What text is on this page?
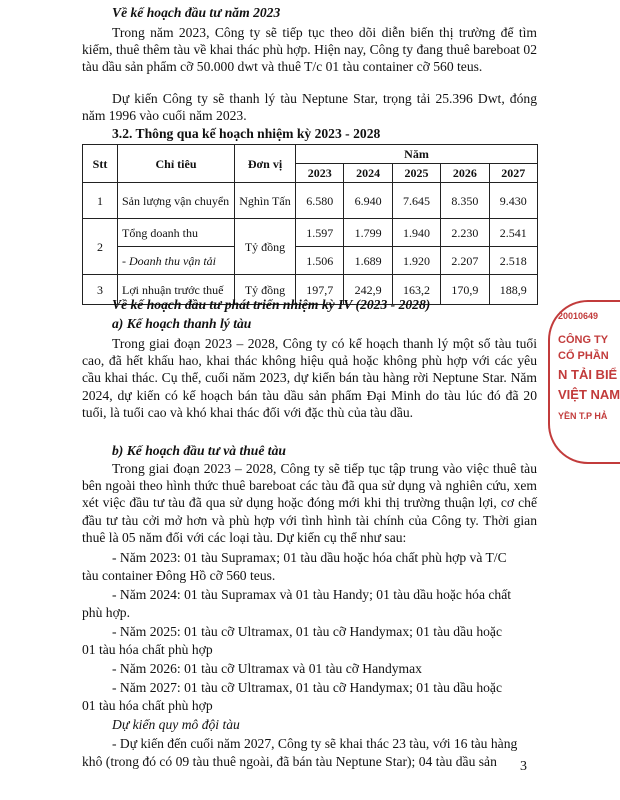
Về kế hoạch đầu tư năm 2023

Trong năm 2023, Công ty sẽ tiếp tục theo dõi diễn biến thị trường để tìm kiếm, thuê thêm tàu về khai thác phù hợp. Hiện nay, Công ty đang thuê bareboat 02 tàu dầu sản phẩm cỡ 50.000 dwt và thuê T/c 01 tàu container cỡ 560 teus.

Dự kiến Công ty sẽ thanh lý tàu Neptune Star, trọng tải 25.396 Dwt, đóng năm 1996 vào cuối năm 2023.

3.2. Thông qua kế hoạch nhiệm kỳ 2023 - 2028
Stt	Chỉ tiêu	Đơn vị	Năm				
			2023	2024	2025	2026	2027
1	Sản lượng vận chuyển	Nghìn Tấn	6.580	6.940	7.645	8.350	9.430
2	Tổng doanh thu	Tỷ đồng	1.597	1.799	1.940	2.230	2.541
	- Doanh thu vận tải		1.506	1.689	1.920	2.207	2.518
3	Lợi nhuận trước thuế	Tỷ đồng	197,7	242,9	163,2	170,9	188,9
Về kế hoạch đầu tư phát triển nhiệm kỳ IV (2023 - 2028)
a) Kế hoạch thanh lý tàu

Trong giai đoạn 2023 – 2028, Công ty có kế hoạch thanh lý một số tàu tuổi cao, đã hết khấu hao, khai thác không hiệu quả hoặc không phù hợp với các yêu cầu khai thác. Cụ thể, cuối năm 2023, dự kiến bán tàu hàng rời Neptune Star. Năm 2024, dự kiến có kế hoạch bán tàu dầu sản phẩm Đại Minh do tàu lúc đó đã 20 tuổi, là tuổi cao và khó khai thác đối với đặc thù của tàu dầu.

b) Kế hoạch đầu tư và thuê tàu

Trong giai đoạn 2023 – 2028, Công ty sẽ tiếp tục tập trung vào việc thuê tàu bên ngoài theo hình thức thuê bareboat các tàu đã qua sử dụng và nghiên cứu, xem xét việc đầu tư tàu đã qua sử dụng hoặc đóng mới khi thị trường thuận lợi, cơ chế đầu tư tàu cởi mở hơn và phù hợp với tình hình tài chính của Công ty. Thời gian thuê là 05 năm đối với các loại tàu. Dự kiến cụ thể như sau:

- Năm 2023: 01 tàu Supramax; 01 tàu dầu hoặc hóa chất phù hợp và T/C
tàu container Đông Hồ cỡ 560 teus.
- Năm 2024: 01 tàu Supramax và 01 tàu Handy; 01 tàu dầu hoặc hóa chất
phù hợp.
- Năm 2025: 01 tàu cỡ Ultramax, 01 tàu cỡ Handymax; 01 tàu dầu hoặc
01 tàu hóa chất phù hợp
- Năm 2026: 01 tàu cỡ Ultramax và 01 tàu cỡ Handymax
- Năm 2027: 01 tàu cỡ Ultramax, 01 tàu cỡ Handymax; 01 tàu dầu hoặc
01 tàu hóa chất phù hợp
Dự kiến quy mô đội tàu
- Dự kiến đến cuối năm 2027, Công ty sẽ khai thác 23 tàu, với 16 tàu hàng
khô (trong đó có 09 tàu thuê ngoài, đã bán tàu Neptune Star); 04 tàu dầu sản	3
20010649
CÔNG TY
CỔ PHẦN
N TẢI BIỂ
VIỆT NAM
YỀN T.P HẢ
